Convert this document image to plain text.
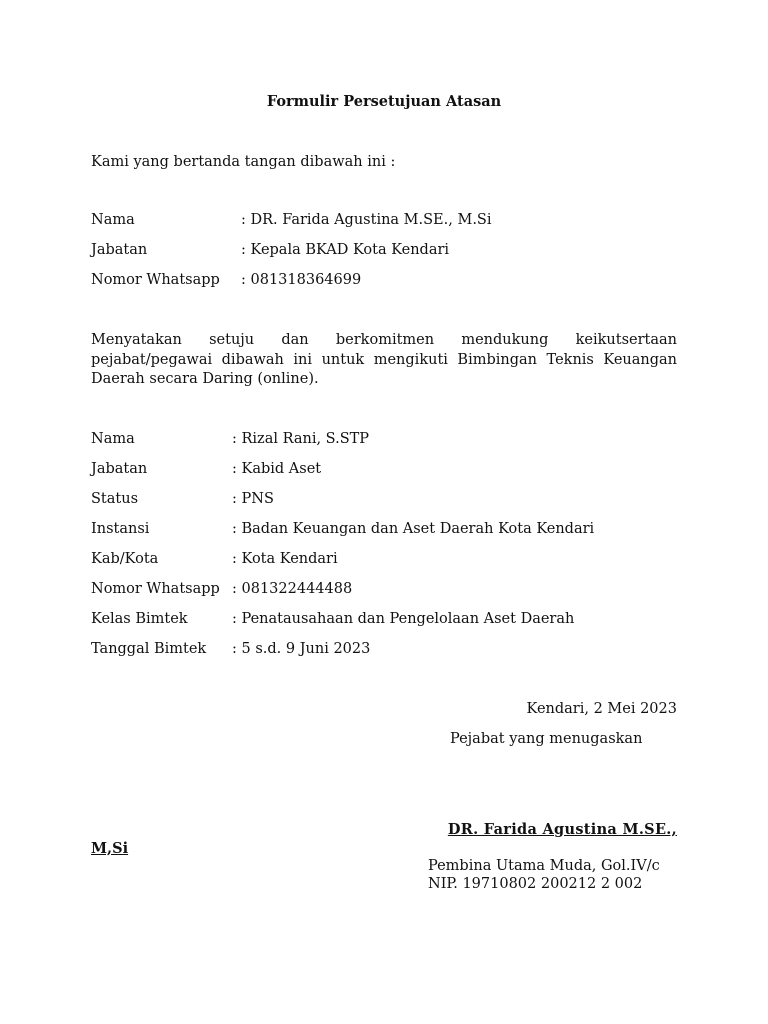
Formulir Persetujuan Atasan
Kami yang bertanda tangan dibawah ini :
Nama	: DR. Farida Agustina M.SE., M.Si
Jabatan	: Kepala BKAD Kota Kendari
Nomor Whatsapp : 081318364699
Menyatakan setuju dan berkomitmen mendukung keikutsertaan
pejabat/pegawai dibawah ini untuk mengikuti Bimbingan Teknis Keuangan
Daerah secara Daring (online).
Nama	: Rizal Rani, S.STP
Jabatan	: Kabid Aset
Status	: PNS
Instansi	: Badan Keuangan dan Aset Daerah Kota Kendari
Kab/Kota	: Kota Kendari
Nomor Whatsapp : 081322444488
Kelas Bimtek	: Penatausahaan dan Pengelolaan Aset Daerah
Tanggal Bimtek : 5 s.d. 9 Juni 2023
Kendari, 2 Mei 2023
Pejabat yang menugaskan
DR. Farida Agustina M.SE.,
M,Si
Pembina Utama Muda, Gol.IV/c
NIP. 19710802 200212 2 002
